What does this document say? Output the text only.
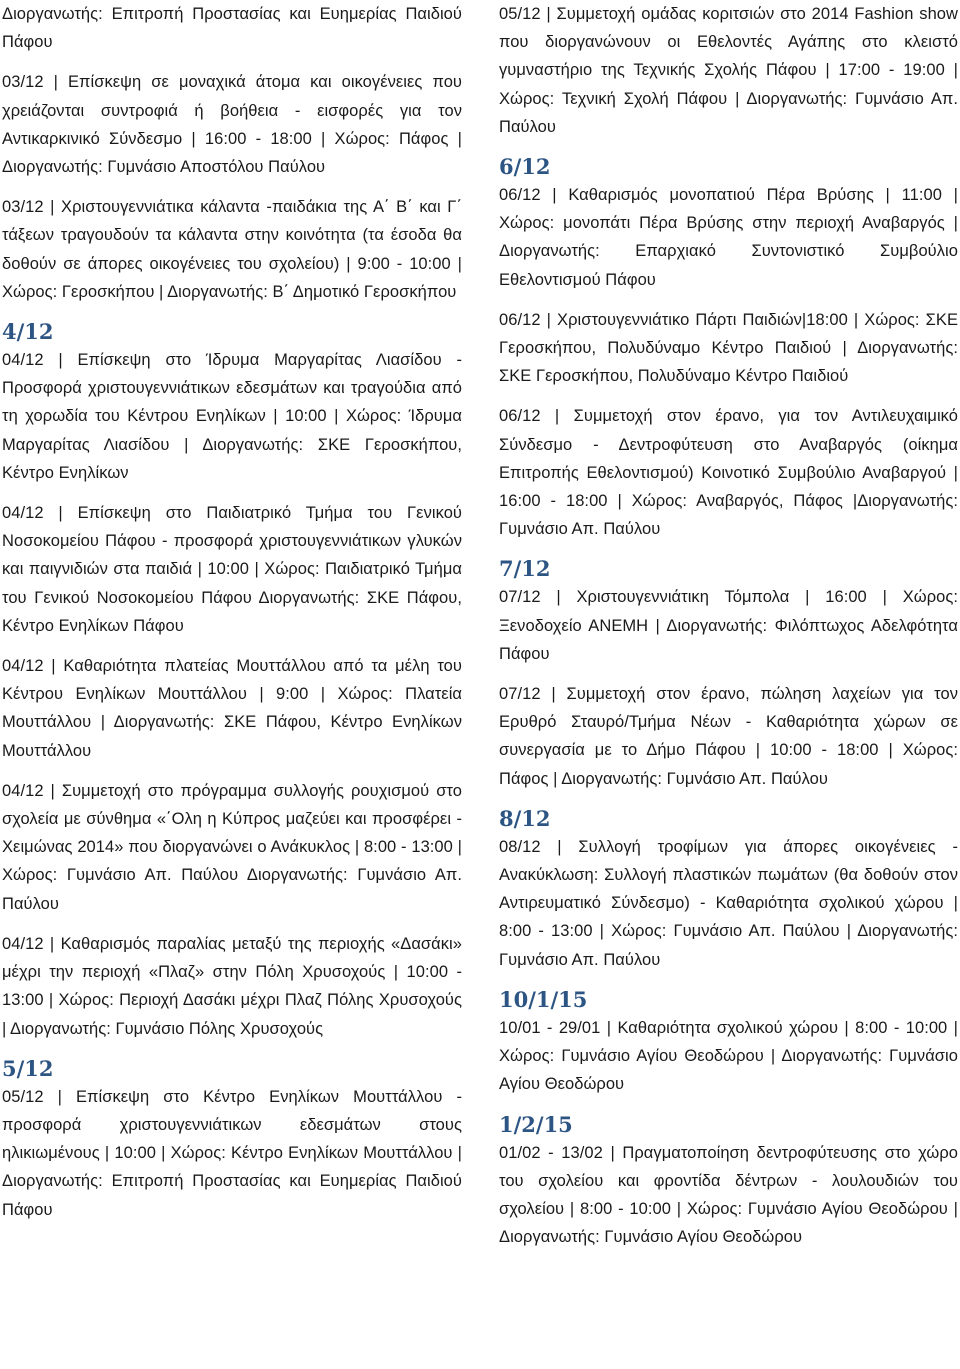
Διοργανωτής: Επιτροπή Προστασίας και Ευημερίας Παιδιού Πάφου

03/12 | Επίσκεψη σε μοναχικά άτομα και οικογένειες που χρειάζονται συντροφιά ή βοήθεια - εισφορές για τον Αντικαρκινικό Σύνδεσμο | 16:00 - 18:00 | Χώρος: Πάφος | Διοργανωτής: Γυμνάσιο Αποστόλου Παύλου

03/12 | Χριστουγεννιάτικα κάλαντα -παιδάκια της Α΄ Β΄ και Γ΄ τάξεων τραγουδούν τα κάλαντα στην κοινότητα (τα έσοδα θα δοθούν σε άπορες οικογένειες του σχολείου) | 9:00 - 10:00 | Χώρος: Γεροσκήπου | Διοργανωτής: Β΄ Δημοτικό Γεροσκήπου

4/12

04/12 | Επίσκεψη στο Ίδρυμα Μαργαρίτας Λιασίδου - Προσφορά χριστουγεννιάτικων εδεσμάτων και τραγούδια από τη χορωδία του Κέντρου Ενηλίκων | 10:00 | Χώρος: Ίδρυμα Μαργαρίτας Λιασίδου | Διοργανωτής: ΣΚΕ Γεροσκήπου, Κέντρο Ενηλίκων

04/12 | Επίσκεψη στο Παιδιατρικό Τμήμα του Γενικού Νοσοκομείου Πάφου - προσφορά χριστουγεννιάτικων γλυκών και παιγνιδιών στα παιδιά | 10:00 | Χώρος: Παιδιατρικό Τμήμα του Γενικού Νοσοκομείου Πάφου Διοργανωτής: ΣΚΕ Πάφου, Κέντρο Ενηλίκων Πάφου

04/12 | Καθαριότητα πλατείας Μουττάλλου από τα μέλη του Κέντρου Ενηλίκων Μουττάλλου | 9:00 | Χώρος: Πλατεία Μουττάλλου | Διοργανωτής: ΣΚΕ Πάφου, Κέντρο Ενηλίκων Μουττάλλου

04/12 | Συμμετοχή στο πρόγραμμα συλλογής ρουχισμού στο σχολεία με σύνθημα «΄Ολη η Κύπρος μαζεύει και προσφέρει - Χειμώνας 2014» που διοργανώνει ο Ανάκυκλος | 8:00 - 13:00 | Χώρος: Γυμνάσιο Απ. Παύλου Διοργανωτής: Γυμνάσιο Απ. Παύλου

04/12 | Καθαρισμός παραλίας μεταξύ της περιοχής «Δασάκι» μέχρι την περιοχή «Πλαζ» στην Πόλη Χρυσοχούς | 10:00 - 13:00 | Χώρος: Περιοχή Δασάκι μέχρι Πλαζ Πόλης Χρυσοχούς | Διοργανωτής: Γυμνάσιο Πόλης Χρυσοχούς

5/12

05/12 | Επίσκεψη στο Κέντρο Ενηλίκων Μουττάλλου - προσφορά χριστουγεννιάτικων εδεσμάτων στους ηλικιωμένους | 10:00 | Χώρος: Κέντρο Ενηλίκων Μουττάλλου | Διοργανωτής: Επιτροπή Προστασίας και Ευημερίας Παιδιού Πάφου

05/12 | Συμμετοχή ομάδας κοριτσιών στο 2014 Fashion show που διοργανώνουν οι Εθελοντές Αγάπης στο κλειστό γυμναστήριο της Τεχνικής Σχολής Πάφου | 17:00 - 19:00 | Χώρος: Τεχνική Σχολή Πάφου | Διοργανωτής: Γυμνάσιο Απ. Παύλου

6/12

06/12 | Καθαρισμός μονοπατιού Πέρα Βρύσης | 11:00 | Χώρος: μονοπάτι Πέρα Βρύσης στην περιοχή Αναβαργός | Διοργανωτής: Επαρχιακό Συντονιστικό Συμβούλιο Εθελοντισμού Πάφου

06/12 | Χριστουγεννιάτικο Πάρτι Παιδιών|18:00 | Χώρος: ΣΚΕ Γεροσκήπου, Πολυδύναμο Κέντρο Παιδιού | Διοργανωτής: ΣΚΕ Γεροσκήπου, Πολυδύναμο Κέντρο Παιδιού

06/12 | Συμμετοχή στον έρανο, για τον Αντιλευχαιμικό Σύνδεσμο - Δεντροφύτευση στο Αναβαργός (οίκημα Επιτροπής Εθελοντισμού) Κοινοτικό Συμβούλιο Αναβαργού | 16:00 - 18:00 | Χώρος: Αναβαργός, Πάφος |Διοργανωτής: Γυμνάσιο Απ. Παύλου

7/12

07/12 | Χριστουγεννιάτικη Τόμπολα | 16:00 | Χώρος: Ξενοδοχείο ΑΝΕΜΗ | Διοργανωτής: Φιλόπτωχος Αδελφότητα Πάφου

07/12 | Συμμετοχή στον έρανο, πώληση λαχείων για τον Ερυθρό Σταυρό/Τμήμα Νέων - Καθαριότητα χώρων σε συνεργασία με το Δήμο Πάφου | 10:00 - 18:00 | Χώρος: Πάφος | Διοργανωτής: Γυμνάσιο Απ. Παύλου

8/12

08/12 | Συλλογή τροφίμων για άπορες οικογένειες - Ανακύκλωση: Συλλογή πλαστικών πωμάτων (θα δοθούν στον Αντιρευματικό Σύνδεσμο) - Καθαριότητα σχολικού χώρου | 8:00 - 13:00 | Χώρος: Γυμνάσιο Απ. Παύλου | Διοργανωτής: Γυμνάσιο Απ. Παύλου

10/1/15

10/01 - 29/01 | Καθαριότητα σχολικού χώρου | 8:00 - 10:00 | Χώρος: Γυμνάσιο Αγίου Θεοδώρου | Διοργανωτής: Γυμνάσιο Αγίου Θεοδώρου

1/2/15

01/02 - 13/02 | Πραγματοποίηση δεντροφύτευσης στο χώρο του σχολείου και φροντίδα δέντρων - λουλουδιών του σχολείου | 8:00 - 10:00 | Χώρος: Γυμνάσιο Αγίου Θεοδώρου | Διοργανωτής: Γυμνάσιο Αγίου Θεοδώρου
